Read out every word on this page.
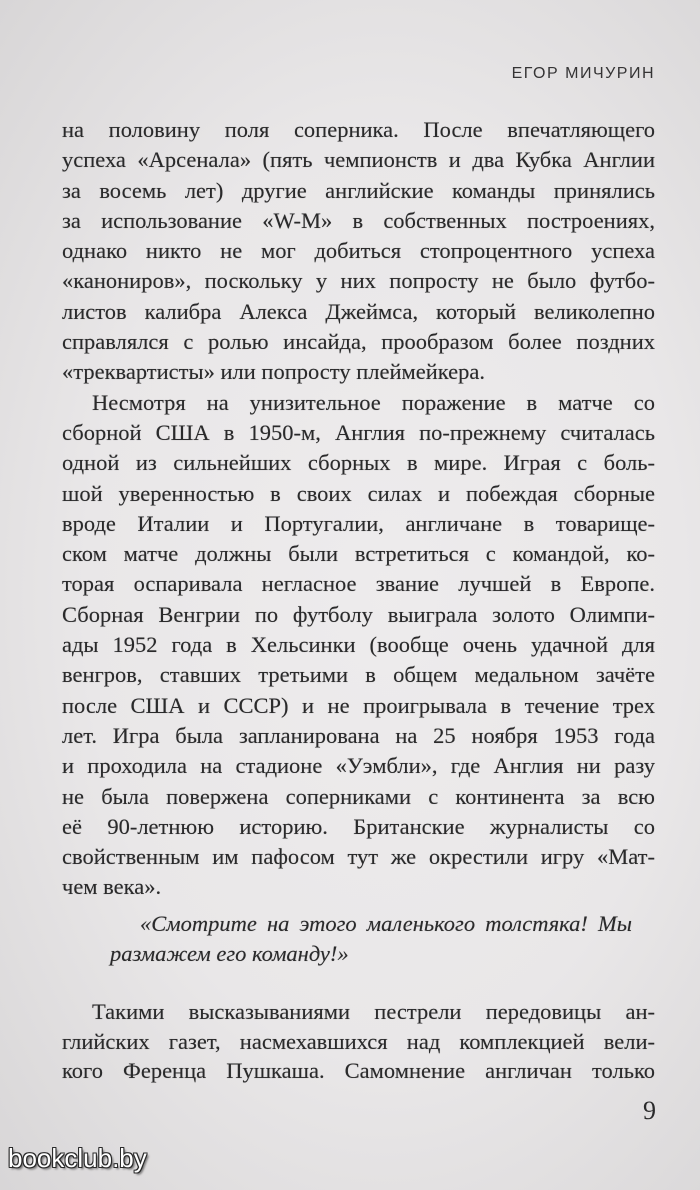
ЕГОР МИЧУРИН
на половину поля соперника. После впечатляющего
успеха «Арсенала» (пять чемпионств и два Кубка Англии
за восемь лет) другие английские команды принялись
за использование «W-M» в собственных построениях,
однако никто не мог добиться стопроцентного успеха
«канониров», поскольку у них попросту не было футбо-
листов калибра Алекса Джеймса, который великолепно
справлялся с ролью инсайда, прообразом более поздних
«треквартисты» или попросту плеймейкера.
Несмотря на унизительное поражение в матче со
сборной США в 1950-м, Англия по-прежнему считалась
одной из сильнейших сборных в мире. Играя с боль-
шой уверенностью в своих силах и побеждая сборные
вроде Италии и Португалии, англичане в товарище-
ском матче должны были встретиться с командой, ко-
торая оспаривала негласное звание лучшей в Европе.
Сборная Венгрии по футболу выиграла золото Олимпи-
ады 1952 года в Хельсинки (вообще очень удачной для
венгров, ставших третьими в общем медальном зачёте
после США и СССР) и не проигрывала в течение трех
лет. Игра была запланирована на 25 ноября 1953 года
и проходила на стадионе «Уэмбли», где Англия ни разу
не была повержена соперниками с континента за всю
её 90-летнюю историю. Британские журналисты со
свойственным им пафосом тут же окрестили игру «Мат-
чем века».
«Смотрите на этого маленького толстяка! Мы
размажем его команду!»
Такими высказываниями пестрели передовицы ан-
глийских газет, насмехавшихся над комплекцией вели-
кого Ференца Пушкаша. Самомнение англичан только
9
bookclub.by
